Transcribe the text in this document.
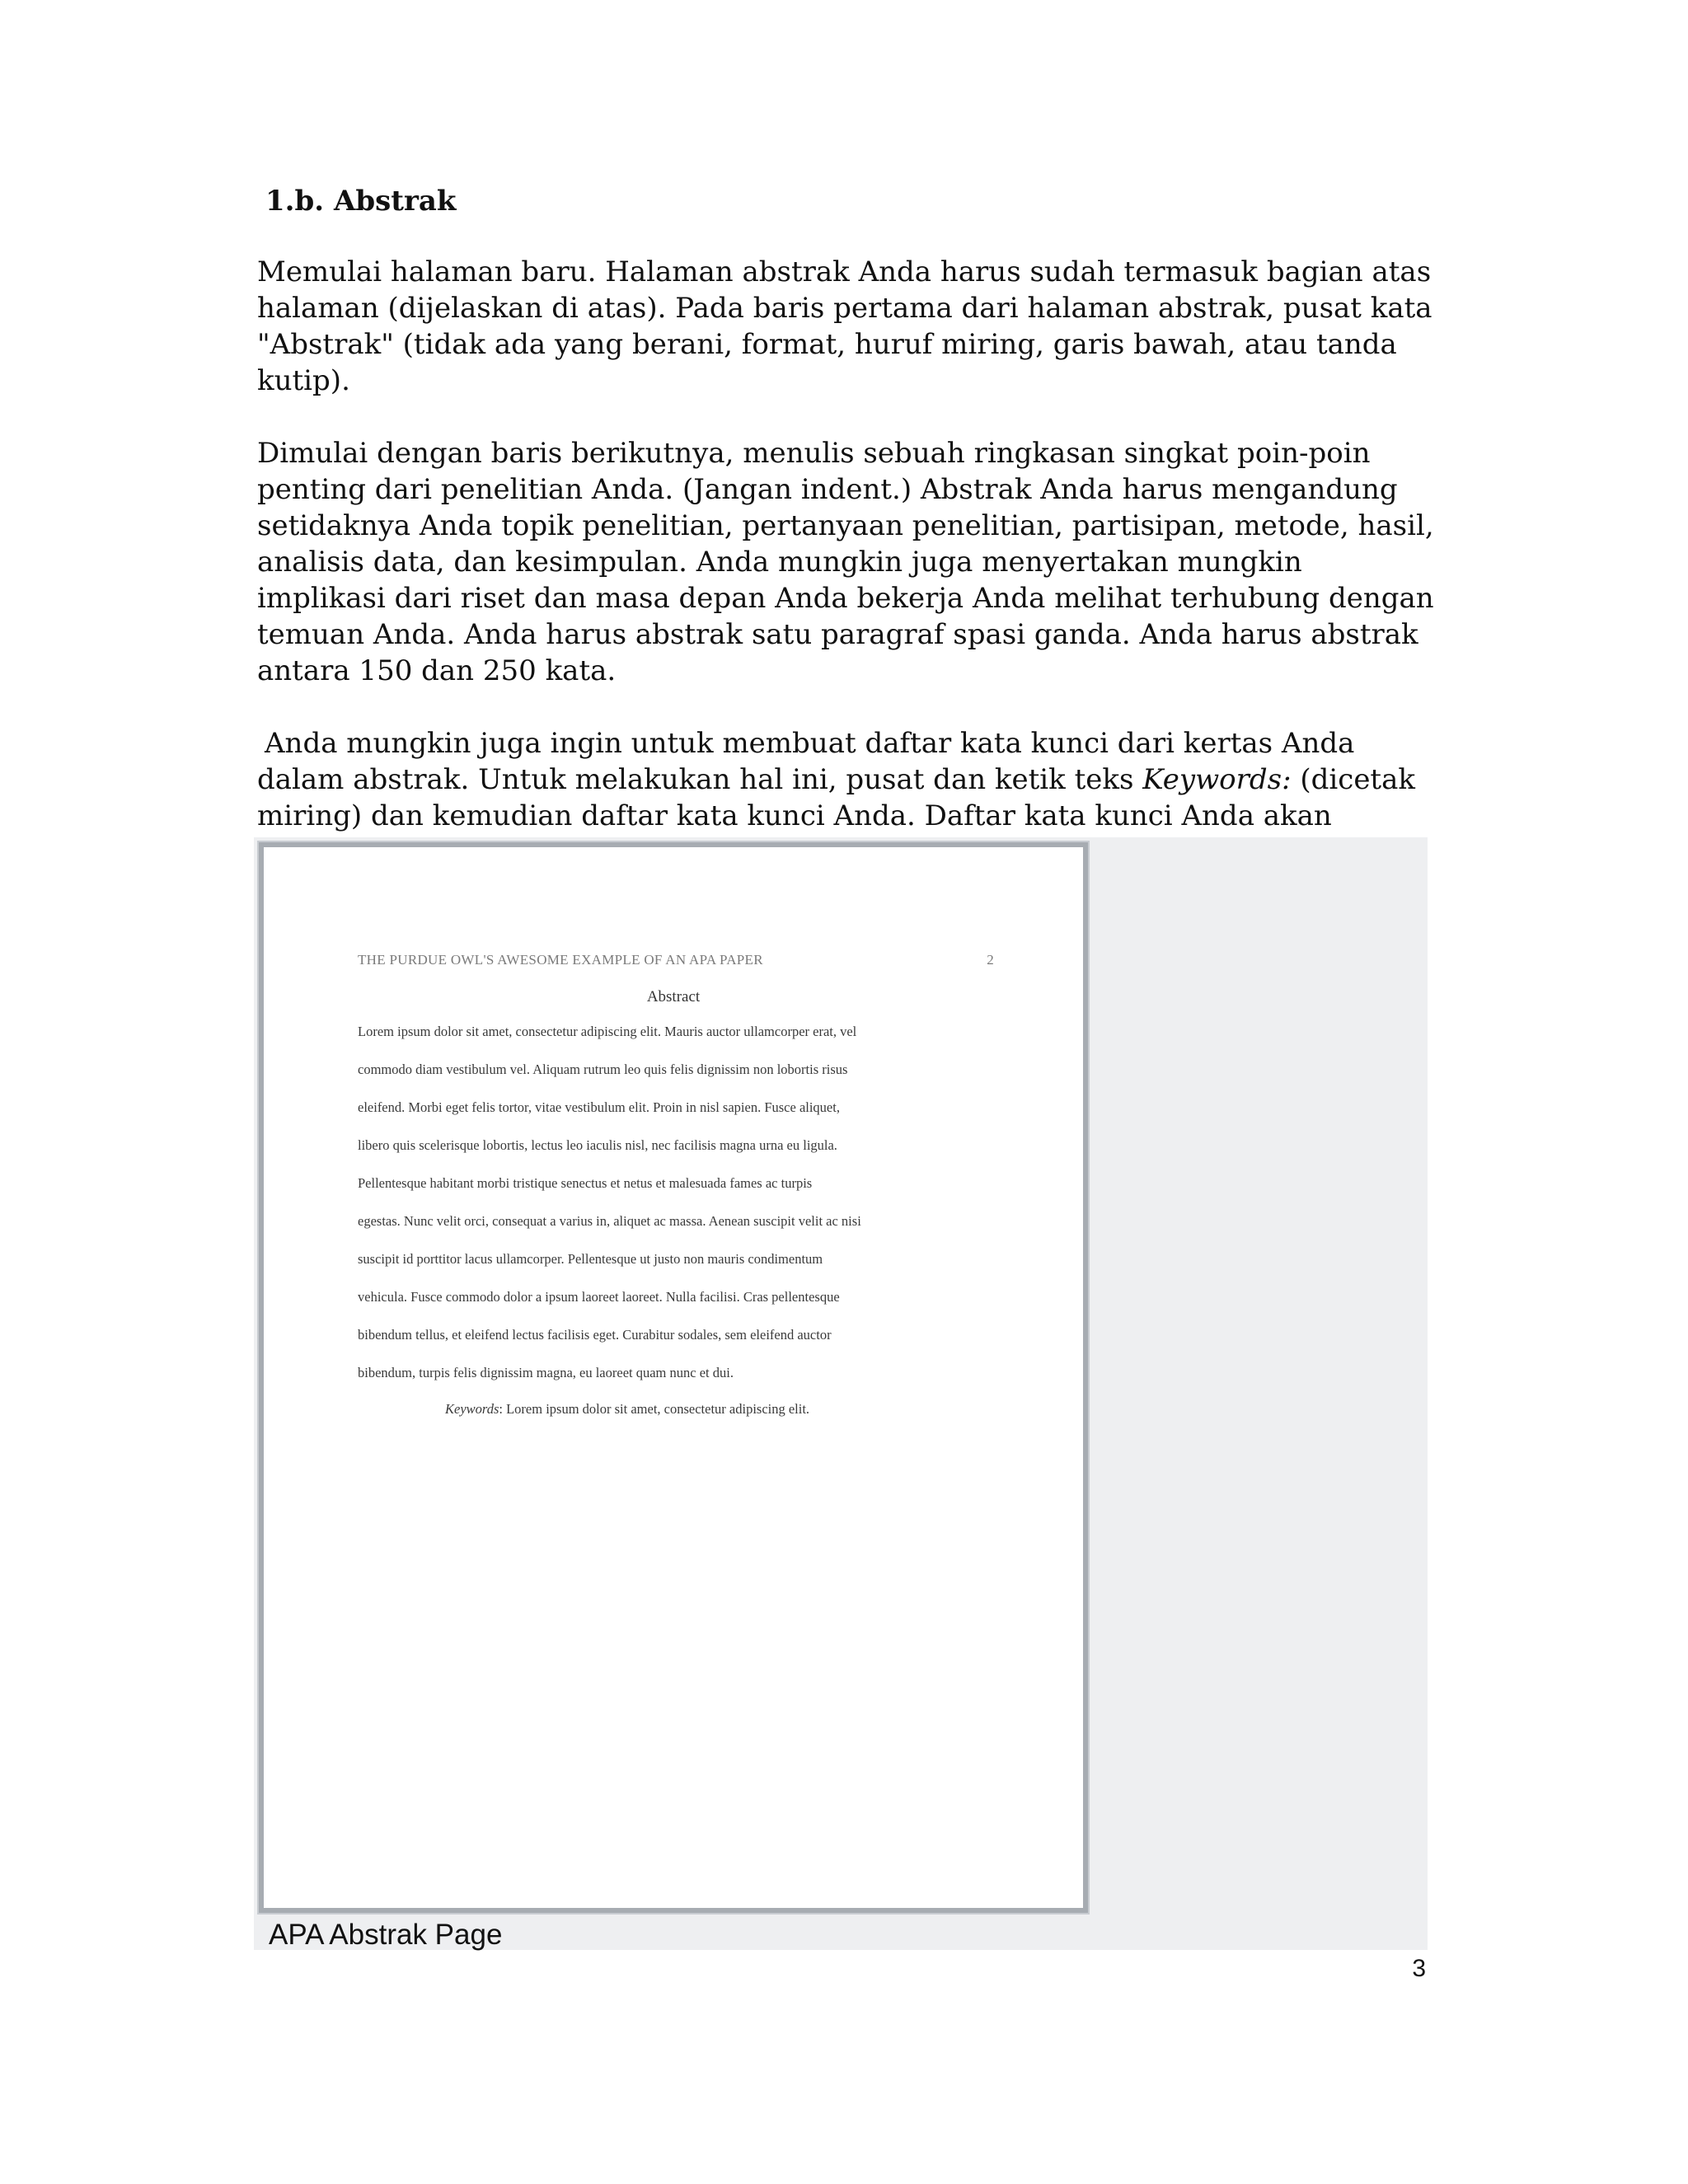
1.b. Abstrak

Memulai halaman baru. Halaman abstrak Anda harus sudah termasuk bagian atas halaman (dijelaskan di atas). Pada baris pertama dari halaman abstrak, pusat kata "Abstrak" (tidak ada yang berani, format, huruf miring, garis bawah, atau tanda kutip).

Dimulai dengan baris berikutnya, menulis sebuah ringkasan singkat poin-poin penting dari penelitian Anda. (Jangan indent.) Abstrak Anda harus mengandung setidaknya Anda topik penelitian, pertanyaan penelitian, partisipan, metode, hasil, analisis data, dan kesimpulan. Anda mungkin juga menyertakan mungkin implikasi dari riset dan masa depan Anda bekerja Anda melihat terhubung dengan temuan Anda. Anda harus abstrak satu paragraf spasi ganda. Anda harus abstrak antara 150 dan 250 kata.

Anda mungkin juga ingin untuk membuat daftar kata kunci dari kertas Anda dalam abstrak. Untuk melakukan hal ini, pusat dan ketik teks Keywords: (dicetak miring) dan kemudian daftar kata kunci Anda. Daftar kata kunci Anda akan

THE PURDUE OWL'S AWESOME EXAMPLE OF AN APA PAPER	2
Abstract
Lorem ipsum dolor sit amet, consectetur adipiscing elit. Mauris auctor ullamcorper erat, vel
commodo diam vestibulum vel. Aliquam rutrum leo quis felis dignissim non lobortis risus
eleifend. Morbi eget felis tortor, vitae vestibulum elit. Proin in nisl sapien. Fusce aliquet,
libero quis scelerisque lobortis, lectus leo iaculis nisl, nec facilisis magna urna eu ligula.
Pellentesque habitant morbi tristique senectus et netus et malesuada fames ac turpis
egestas. Nunc velit orci, consequat a varius in, aliquet ac massa. Aenean suscipit velit ac nisi
suscipit id porttitor lacus ullamcorper. Pellentesque ut justo non mauris condimentum
vehicula. Fusce commodo dolor a ipsum laoreet laoreet. Nulla facilisi. Cras pellentesque
bibendum tellus, et eleifend lectus facilisis eget. Curabitur sodales, sem eleifend auctor
bibendum, turpis felis dignissim magna, eu laoreet quam nunc et dui.
Keywords: Lorem ipsum dolor sit amet, consectetur adipiscing elit.
APA Abstrak Page
3
